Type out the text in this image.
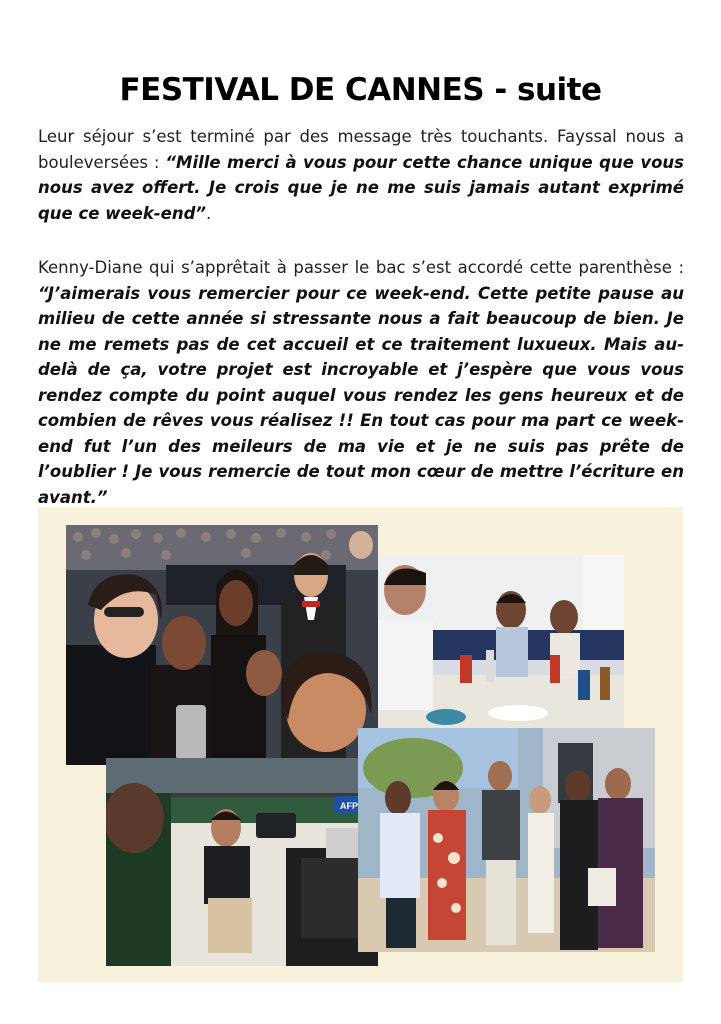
FESTIVAL DE CANNES - suite
Leur séjour s’est terminé par des message très touchants. Fayssal nous a bouleversées : “Mille merci à vous pour cette chance unique que vous nous avez offert. Je crois que je ne me suis jamais autant exprimé que ce week-end”.
Kenny-Diane qui s’apprêtait à passer le bac s’est accordé cette parenthèse : “J’aimerais vous remercier pour ce week-end. Cette petite pause au milieu de cette année si stressante nous a fait beaucoup de bien. Je ne me remets pas de cet accueil et ce traitement luxueux. Mais au-delà de ça, votre projet est incroyable et j’espère que vous vous rendez compte du point auquel vous rendez les gens heureux et de combien de rêves vous réalisez !! En tout cas pour ma part ce week-end fut l’un des meileurs de ma vie et je ne suis pas prête de l’oublier ! Je vous remercie de tout mon cœur de mettre l’écriture en avant.”
AFP
